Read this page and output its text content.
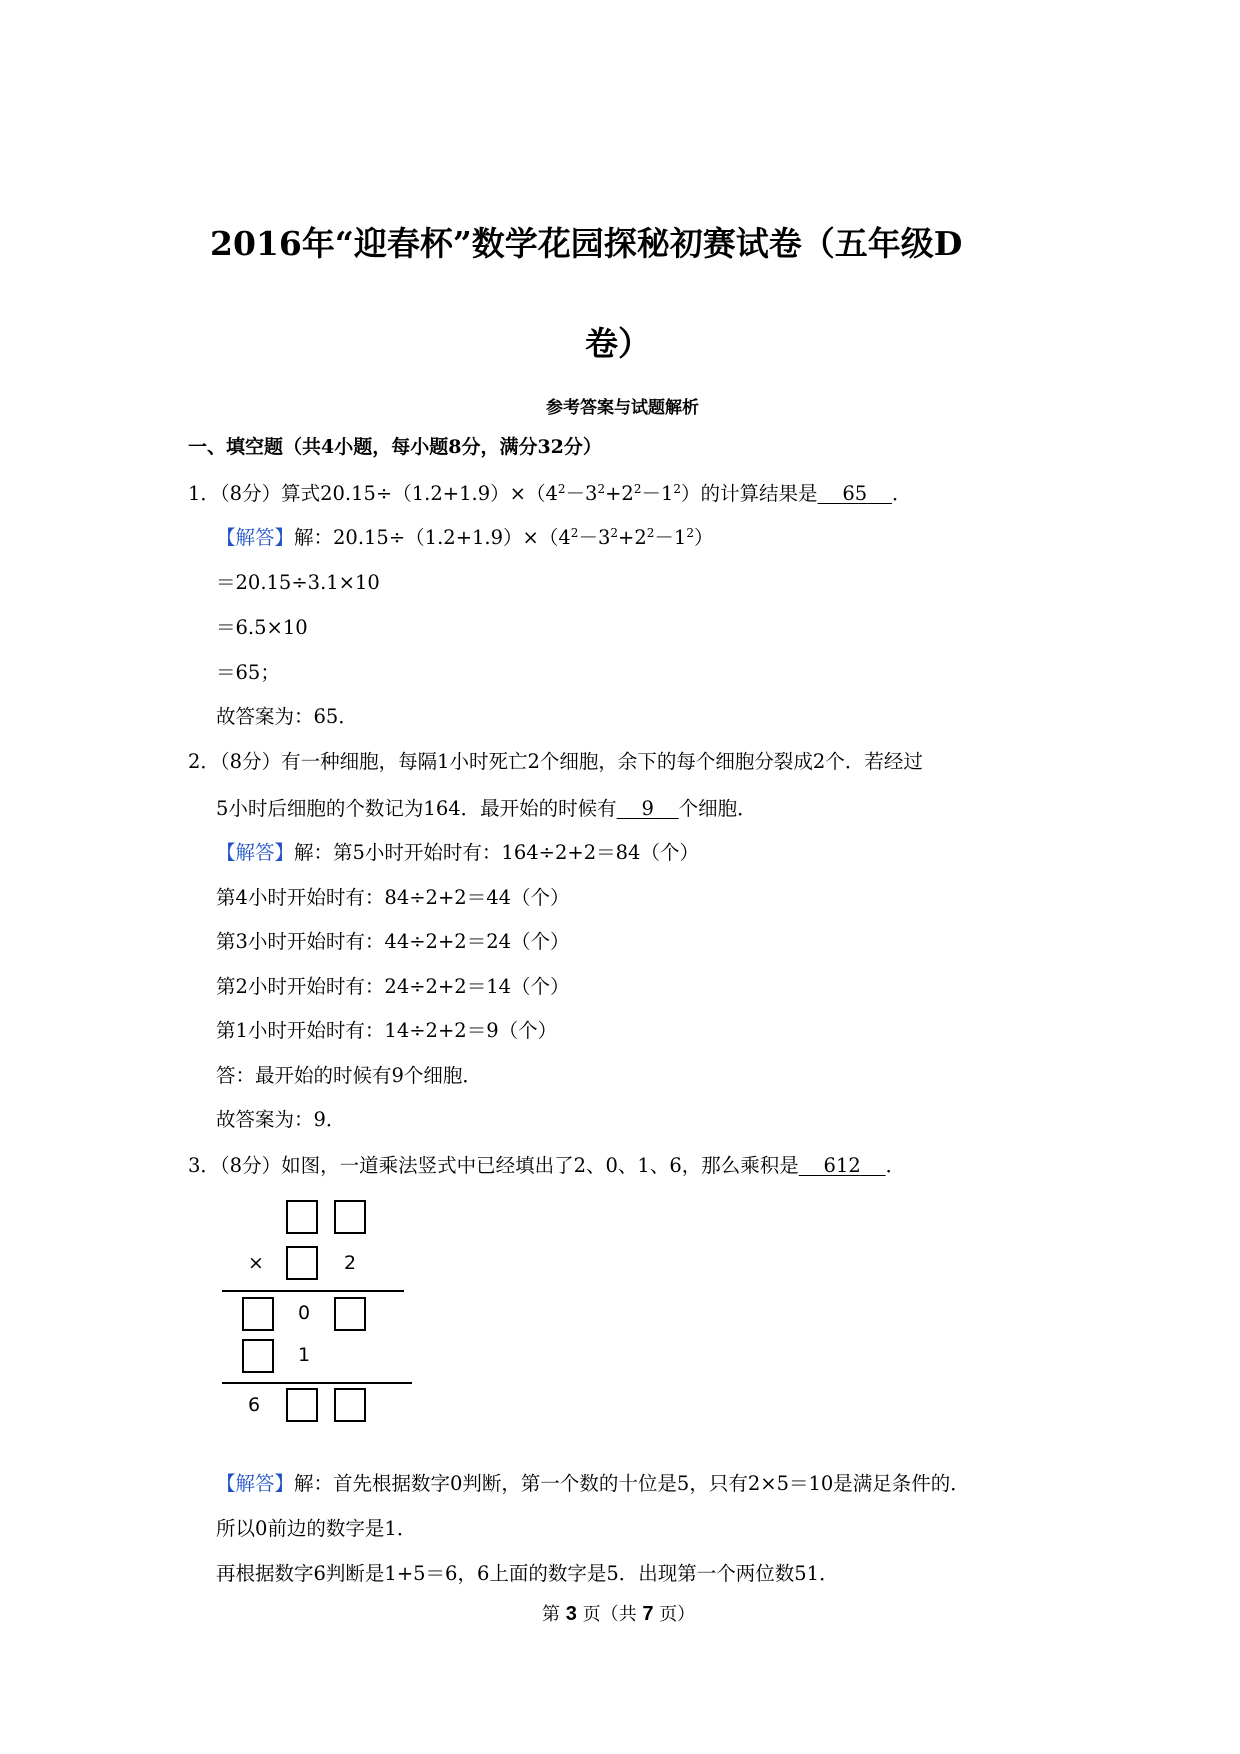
2016年“迎春杯”数学花园探秘初赛试卷（五年级D
卷）
参考答案与试题解析
一、填空题（共4小题，每小题8分，满分32分）
1．（8分）算式$20.15\div(1.2+1.9)\times(4^2-3^2+2^2-1^2)$的计算结果是 65 ．
【解答】解：$20.15\div(1.2+1.9)\times(4^2-3^2+2^2-1^2)$
＝20.15÷3.1×10
＝6.5×10
＝65；
故答案为：65．
2．（8分）有一种细胞，每隔1小时死亡2个细胞，余下的每个细胞分裂成2个．若经过
5小时后细胞的个数记为164．最开始的时候有 9 个细胞．
【解答】解：第5小时开始时有：164÷2+2＝84（个）
第4小时开始时有：84÷2+2＝44（个）
第3小时开始时有：44÷2+2＝24（个）
第2小时开始时有：24÷2+2＝14（个）
第1小时开始时有：14÷2+2＝9（个）
答：最开始的时候有9个细胞．
故答案为：9．
3．（8分）如图，一道乘法竖式中已经填出了2、0、1、6，那么乘积是 612 ．
×	2
0
1
6
【解答】解：首先根据数字0判断，第一个数的十位是5，只有2×5＝10是满足条件的．
所以0前边的数字是1．
再根据数字6判断是1+5＝6，6上面的数字是5．出现第一个两位数51．
第 3 页（共 7 页）
